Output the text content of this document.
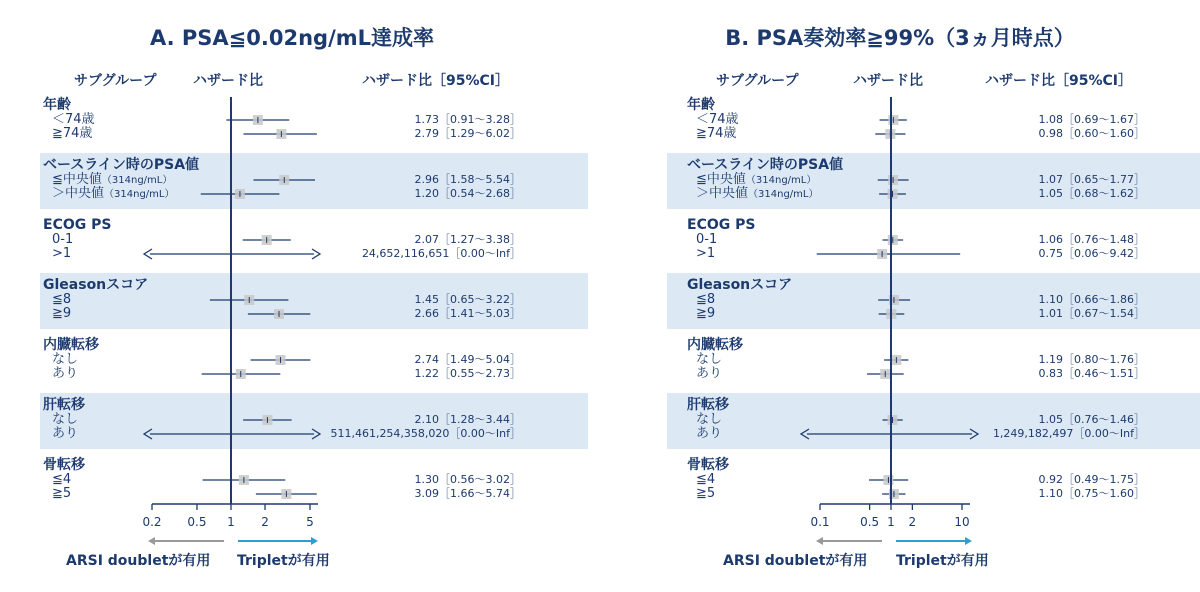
A. PSA≦0.02ng/mL達成率
サブグループ	ハザード比	ハザード比［95%CI］
年齢
＜74歳	1.73［0.91～3.28］
≧74歳	2.79［1.29～6.02］
ベースライン時のPSA値
≦中央値（314ng/mL）	2.96［1.58～5.54］
＞中央値（314ng/mL）	1.20［0.54～2.68］
ECOG PS
0-1	2.07［1.27～3.38］
>1	24,652,116,651［0.00～Inf］
Gleasonスコア
≦8	1.45［0.65～3.22］
≧9	2.66［1.41～5.03］
内臓転移
なし	2.74［1.49～5.04］
あり	1.22［0.55～2.73］
肝転移
なし	2.10［1.28～3.44］
あり	511,461,254,358,020［0.00～Inf］
骨転移
≦4	1.30［0.56～3.02］
≧5	3.09［1.66～5.74］
0.2 0.5 1 2	5
ARSI doubletが有用 Tripletが有用
B. PSA奏効率≧99%（3ヵ月時点）
サブグループ	ハザード比	ハザード比［95%CI］
年齢
＜74歳	1.08［0.69～1.67］
≧74歳	0.98［0.60～1.60］
ベースライン時のPSA値
≦中央値（314ng/mL）	1.07［0.65～1.77］
＞中央値（314ng/mL）	1.05［0.68～1.62］
ECOG PS
0-1	1.06［0.76～1.48］
>1	0.75［0.06～9.42］
Gleasonスコア
≦8	1.10［0.66～1.86］
≧9	1.01［0.67～1.54］
内臓転移
なし	1.19［0.80～1.76］
あり	0.83［0.46～1.51］
肝転移
なし	1.05［0.76～1.46］
あり	1,249,182,497［0.00～Inf］
骨転移
≦4	0.92［0.49～1.75］
≧5	1.10［0.75～1.60］
0.1	0.5 1 2	10
ARSI doubletが有用 Tripletが有用
